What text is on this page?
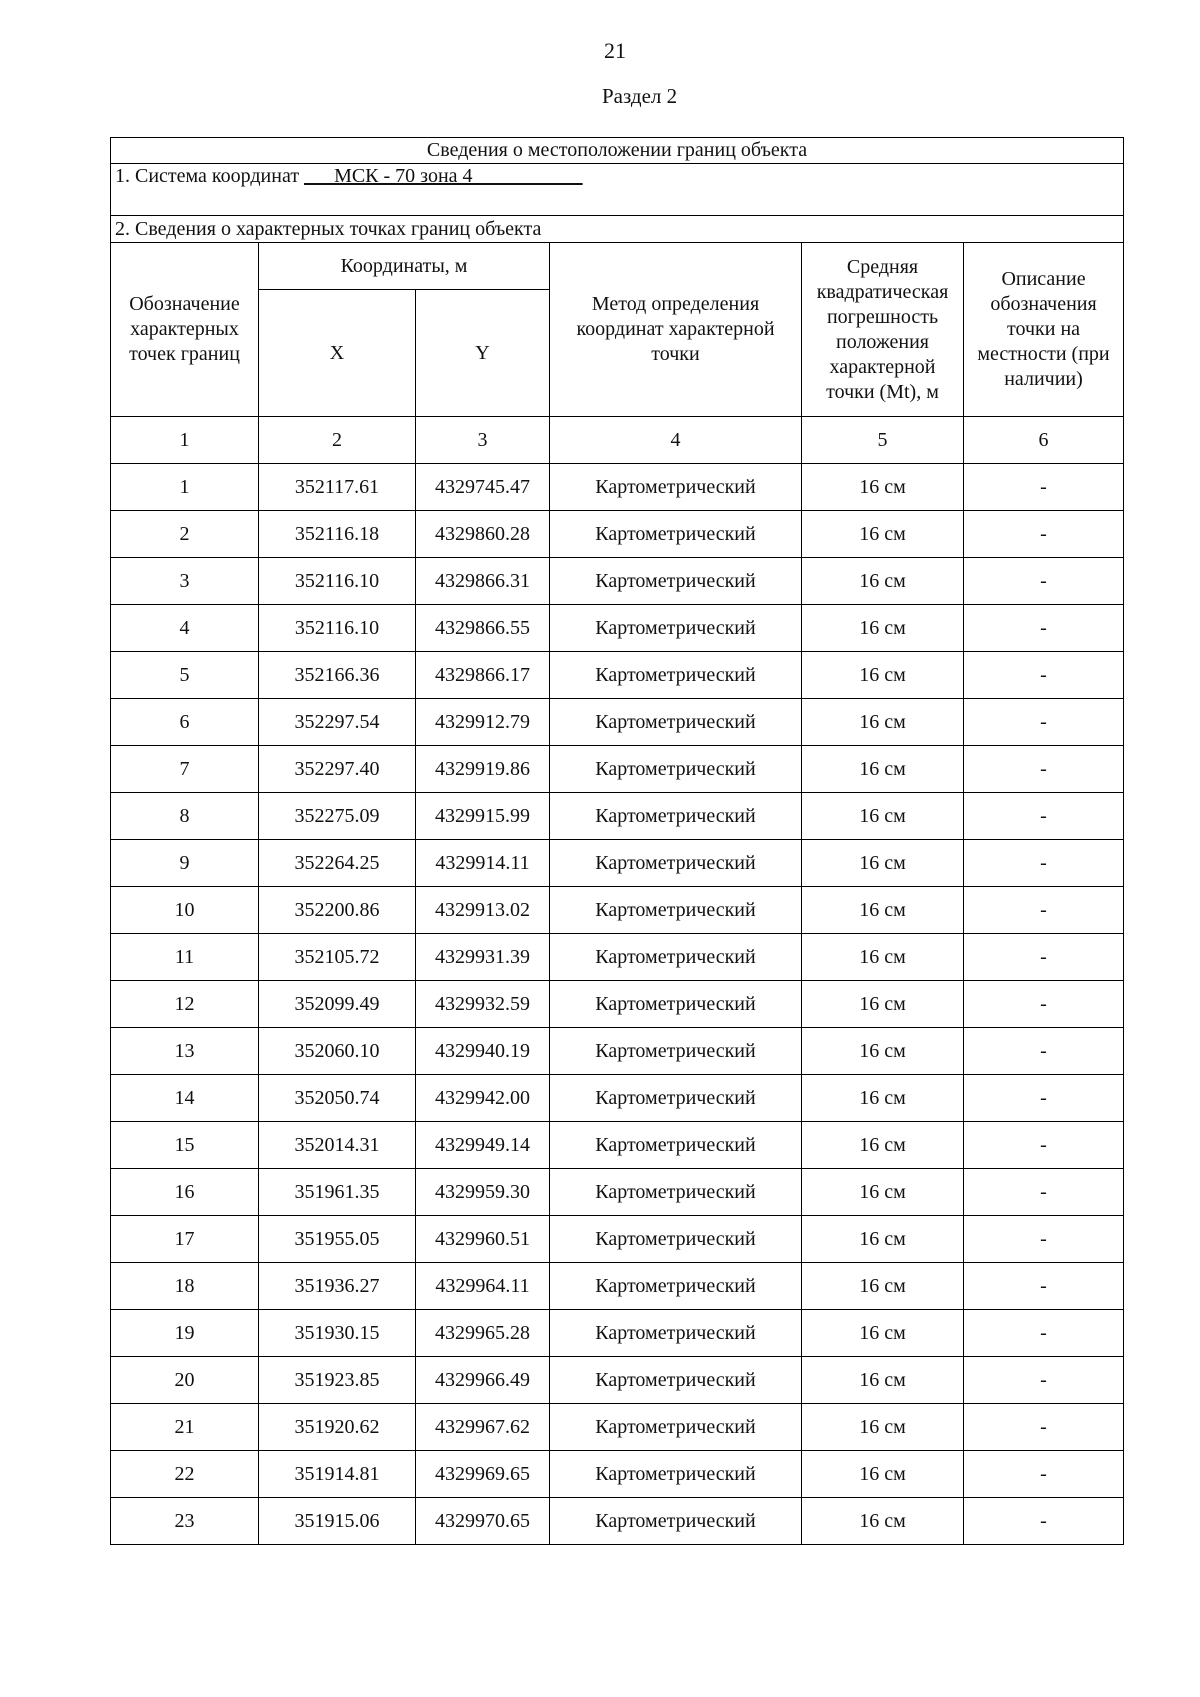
21
Раздел 2
Сведения о местоположении границ объекта					
1. Система координат ___МСК - 70 зона 4___________					
2. Сведения о характерных точках границ объекта					
Обозначение характерных точек границ	Координаты, м		Метод определения координат характерной точки	Средняя квадратическая погрешность положения характерной точки (Mt), м	Описание обозначения точки на местности (при наличии)
	X	Y			
1	2	3	4	5	6
1	352117.61	4329745.47	Картометрический	16 см	-
2	352116.18	4329860.28	Картометрический	16 см	-
3	352116.10	4329866.31	Картометрический	16 см	-
4	352116.10	4329866.55	Картометрический	16 см	-
5	352166.36	4329866.17	Картометрический	16 см	-
6	352297.54	4329912.79	Картометрический	16 см	-
7	352297.40	4329919.86	Картометрический	16 см	-
8	352275.09	4329915.99	Картометрический	16 см	-
9	352264.25	4329914.11	Картометрический	16 см	-
10	352200.86	4329913.02	Картометрический	16 см	-
11	352105.72	4329931.39	Картометрический	16 см	-
12	352099.49	4329932.59	Картометрический	16 см	-
13	352060.10	4329940.19	Картометрический	16 см	-
14	352050.74	4329942.00	Картометрический	16 см	-
15	352014.31	4329949.14	Картометрический	16 см	-
16	351961.35	4329959.30	Картометрический	16 см	-
17	351955.05	4329960.51	Картометрический	16 см	-
18	351936.27	4329964.11	Картометрический	16 см	-
19	351930.15	4329965.28	Картометрический	16 см	-
20	351923.85	4329966.49	Картометрический	16 см	-
21	351920.62	4329967.62	Картометрический	16 см	-
22	351914.81	4329969.65	Картометрический	16 см	-
23	351915.06	4329970.65	Картометрический	16 см	-
